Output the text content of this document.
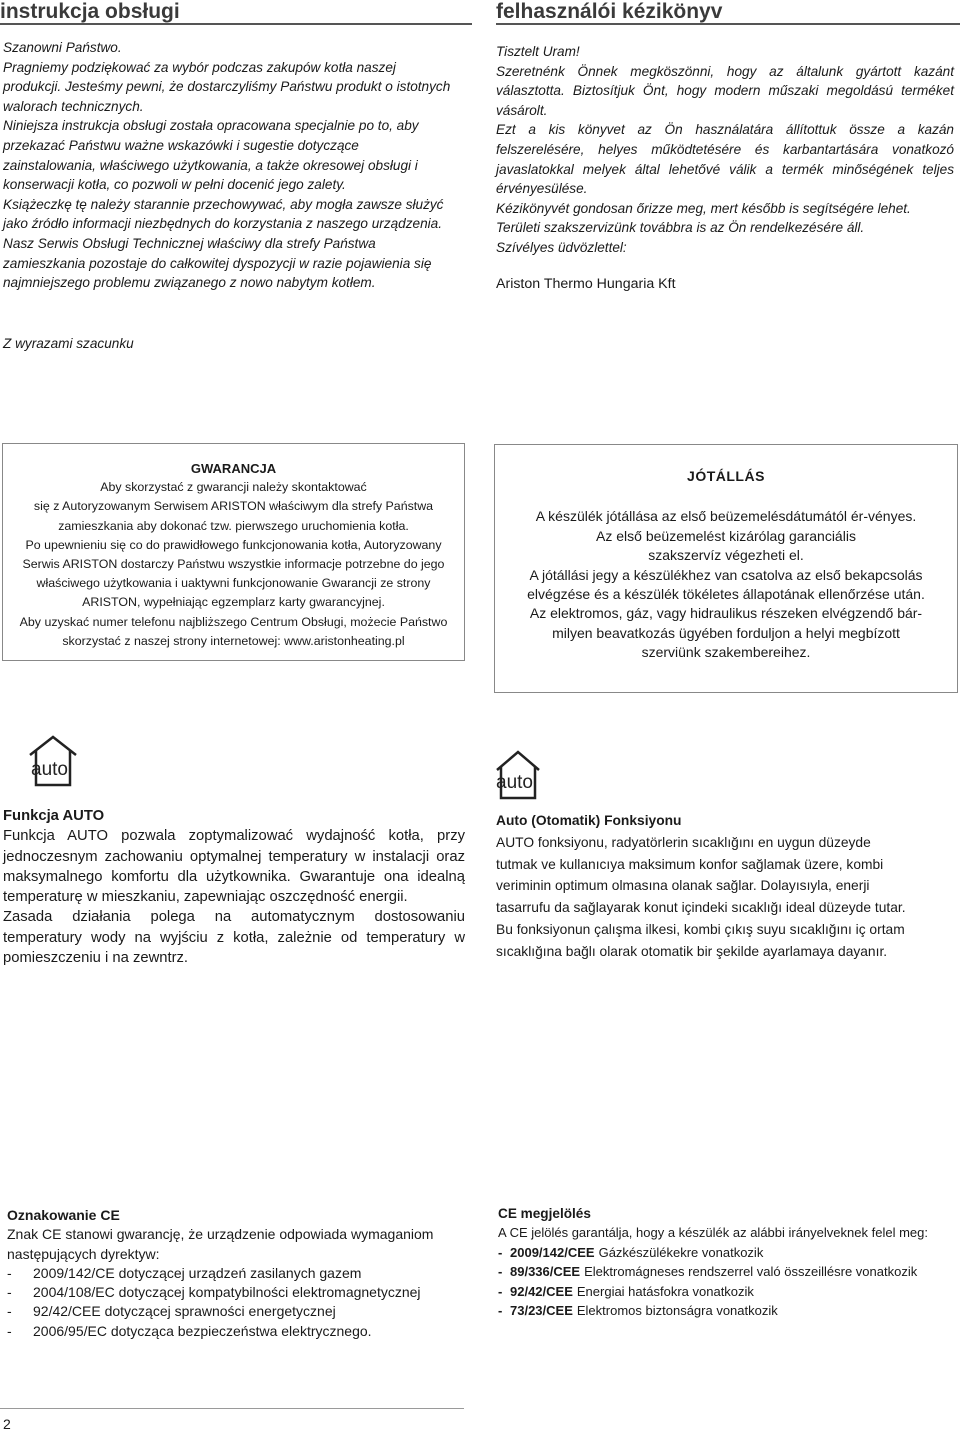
instrukcja obsługi	felhasználói kézikönyv

Szanowni Państwo.

Pragniemy podziękować za wybór podczas zakupów kotła naszej produkcji. Jesteśmy pewni, że dostarczyliśmy Państwu produkt o istotnych walorach technicznych.

Niniejsza instrukcja obsługi została opracowana specjalnie po to, aby przekazać Państwu ważne wskazówki i sugestie dotyczące zainstalowania, właściwego użytkowania, a także okresowej obsługi i konserwacji kotła, co pozwoli w pełni docenić jego zalety.

Książeczkę tę należy starannie przechowywać, aby mogła zawsze służyć jako źródło informacji niezbędnych do korzystania z naszego urządzenia.

Nasz Serwis Obsługi Technicznej właściwy dla strefy Państwa zamieszkania pozostaje do całkowitej dyspozycji w razie pojawienia się najmniejszego problemu związanego z nowo nabytym kotłem.

Z wyrazami szacunku

Tisztelt Uram!

Szeretnénk Önnek megköszönni, hogy az általunk gyártott kazánt választotta. Biztosítjuk Önt, hogy modern műszaki megoldású terméket vásárolt.

Ezt a kis könyvet az Ön használatára állítottuk össze a kazán felszerelésére, helyes működtetésére és karbantartására vonatkozó javaslatokkal melyek által lehetővé válik a termék minőségének teljes érvényesülése.

Kézikönyvét gondosan őrizze meg, mert később is segítségére lehet.

Területi szakszervizünk továbbra is az Ön rendelkezésére áll.

Szívélyes üdvözlettel:

Ariston Thermo Hungaria Kft
GWARANCJA
Aby skorzystać z gwarancji należy skontaktować
się z Autoryzowanym Serwisem ARISTON właściwym dla strefy Państwa
zamieszkania aby dokonać tzw. pierwszego uruchomienia kotła.
Po upewnieniu się co do prawidłowego funkcjonowania kotła, Autoryzowany
Serwis ARISTON dostarczy Państwu wszystkie informacje potrzebne do jego
właściwego użytkowania i uaktywni funkcjonowanie Gwarancji ze strony
ARISTON, wypełniając egzemplarz karty gwarancyjnej.
Aby uzyskać numer telefonu najbliższego Centrum Obsługi, możecie Państwo
skorzystać z naszej strony internetowej: www.aristonheating.pl
JÓTÁLLÁS
A készülék jótállása az első beüzemelésdátumától ér-vényes.
Az első beüzemelést kizárólag garanciális
szakszervíz végezheti el.
A jótállási jegy a készülékhez van csatolva az első bekapcsolás
elvégzése és a készülék tökéletes állapotának ellenőrzése után.
Az elektromos, gáz, vagy hidraulikus részeken elvégzendő bár-
milyen beavatkozás ügyében forduljon a helyi megbízott
szerviünk szakembereihez.
auto
auto
Funkcja AUTO
Funkcja AUTO pozwala zoptymalizować wydajność kotła, przy jednoczesnym zachowaniu optymalnej temperatury w instalacji oraz maksymalnego komfortu dla użytkownika. Gwarantuje ona idealną temperaturę w mieszkaniu, zapewniając oszczędność energii.
Zasada działania polega na automatycznym dostosowaniu temperatury wody na wyjściu z kotła, zależnie od temperatury w pomieszczeniu i na zewntrz.
Auto (Otomatik) Fonksiyonu
AUTO fonksiyonu, radyatörlerin sıcaklığını en uygun düzeyde
tutmak ve kullanıcıya maksimum konfor sağlamak üzere, kombi
veriminin optimum olmasına olanak sağlar. Dolayısıyla, enerji
tasarrufu da sağlayarak konut içindeki sıcaklığı ideal düzeyde tutar.
Bu fonksiyonun çalışma ilkesi, kombi çıkış suyu sıcaklığını iç ortam
sıcaklığına bağlı olarak otomatik bir şekilde ayarlamaya dayanır.
Oznakowanie CE
Znak CE stanowi gwarancję, że urządzenie odpowiada wymaganiom następujących dyrektyw:
-	2009/142/CE dotyczącej urządzeń zasilanych gazem
-	2004/108/EC dotyczącej kompatybilności elektromagnetycznej
-	92/42/CEE dotyczącej sprawności energetycznej
-	2006/95/EC dotycząca bezpieczeństwa elektrycznego.
CE megjelölés
A CE jelölés garantálja, hogy a készülék az alábbi irányelveknek felel meg:
- 2009/142/CEE Gázkészülékekre vonatkozik
- 89/336/CEE Elektromágneses rendszerrel való összeillésre vonatkozik
- 92/42/CEE Energiai hatásfokra vonatkozik
- 73/23/CEE Elektromos biztonságra vonatkozik
2
